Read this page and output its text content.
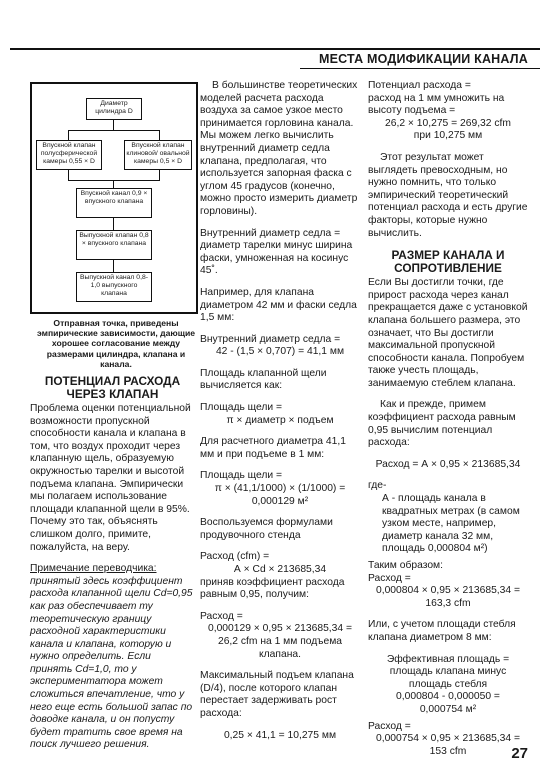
МЕСТА МОДИФИКАЦИИ КАНАЛА
Диаметр цилиндра D
Впускной клапан полусферической камеры 0,55 × D
Впускной клапан клиновой/ овальной камеры 0,5 × D
Впускной канал 0,9 × впускного клапана
Выпускной клапан 0,8 × впускного клапана
Выпускной канал 0,8-1,0 выпускного клапана
Отправная точка, приведены эмпирические зависимости, дающие хорошее согласование между размерами цилиндра, клапана и канала.
ПОТЕНЦИАЛ РАСХОДА ЧЕРЕЗ КЛАПАН
Проблема оценки потенциальной возможности пропускной способности канала и клапана в том, что воздух проходит через клапанную щель, образуемую окружностью тарелки и высотой подъема клапана. Эмпирически мы полагаем использование площади клапанной щели в 95%. Почему это так, объяснять слишком долго, примите, пожалуйста, на веру.
Примечание переводчика:
принятый здесь коэффициент расхода клапанной щели Cd=0,95 как раз обеспечивает ту теоретическую границу расходной характеристики канала и клапана, которую и нужно определить. Если принять Cd=1,0, то у экспериментатора может сложиться впечатление, что у него еще есть большой запас по доводке канала, и он попусту будет тратить свое время на поиск лучшего решения.
В большинстве теоретических моделей расчета расхода воздуха за самое узкое место принимается горловина канала. Мы можем легко вычислить внутренний диаметр седла клапана, предполагая, что используется запорная фаска с углом 45 градусов (конечно, можно просто измерить диаметр горловины).
Внутренний диаметр седла = диаметр тарелки минус ширина фаски, умноженная на косинус 45˚.
Например, для клапана диаметром 42 мм и фаски седла 1,5 мм:
Внутренний диаметр седла =
42 - (1,5 × 0,707) = 41,1 мм
Площадь клапанной щели вычисляется как:
Площадь щели =
π × диаметр × подъем
Для расчетного диаметра 41,1 мм и при подъеме в 1 мм:
Площадь щели =
π × (41,1/1000) × (1/1000) =
0,000129 м²
Воспользуемся формулами продувочного стенда
Расход (cfm) =
А × Cd × 213685,34
приняв коэффициент расхода равным 0,95, получим:
Расход =
0,000129 × 0,95 × 213685,34 =
26,2 cfm на 1 мм подъема клапана.
Максимальный подъем клапана (D/4), после которого клапан перестает задерживать рост расхода:
0,25 × 41,1 = 10,275 мм
Потенциал расхода =
расход на 1 мм умножить на высоту подъема =
26,2 × 10,275 = 269,32 cfm
при 10,275 мм
Этот результат может выглядеть превосходным, но нужно помнить, что только эмпирический теоретический потенциал расхода и есть другие факторы, которые нужно вычислить.
РАЗМЕР КАНАЛА И СОПРОТИВЛЕНИЕ
Если Вы достигли точки, где прирост расхода через канал прекращается даже с установкой клапана большего размера, это означает, что Вы достигли максимальной пропускной способности канала. Попробуем также учесть площадь, занимаемую стеблем клапана.
Как и прежде, примем коэффициент расхода равным 0,95 вычислим потенциал расхода:
Расход = А × 0,95 × 213685,34
где-
А - площадь канала в квадратных метрах (в самом узком месте, например, диаметр канала 32 мм, площадь 0,000804 м²)
Таким образом:
Расход =
0,000804 × 0,95 × 213685,34 =
163,3 cfm
Или, с учетом площади стебля клапана диаметром 8 мм:
Эффективная площадь =
площадь клапана минус площадь стебля
0,000804 - 0,000050 =
0,000754 м²
Расход =
0,000754 × 0,95 × 213685,34 =
153 cfm	27
